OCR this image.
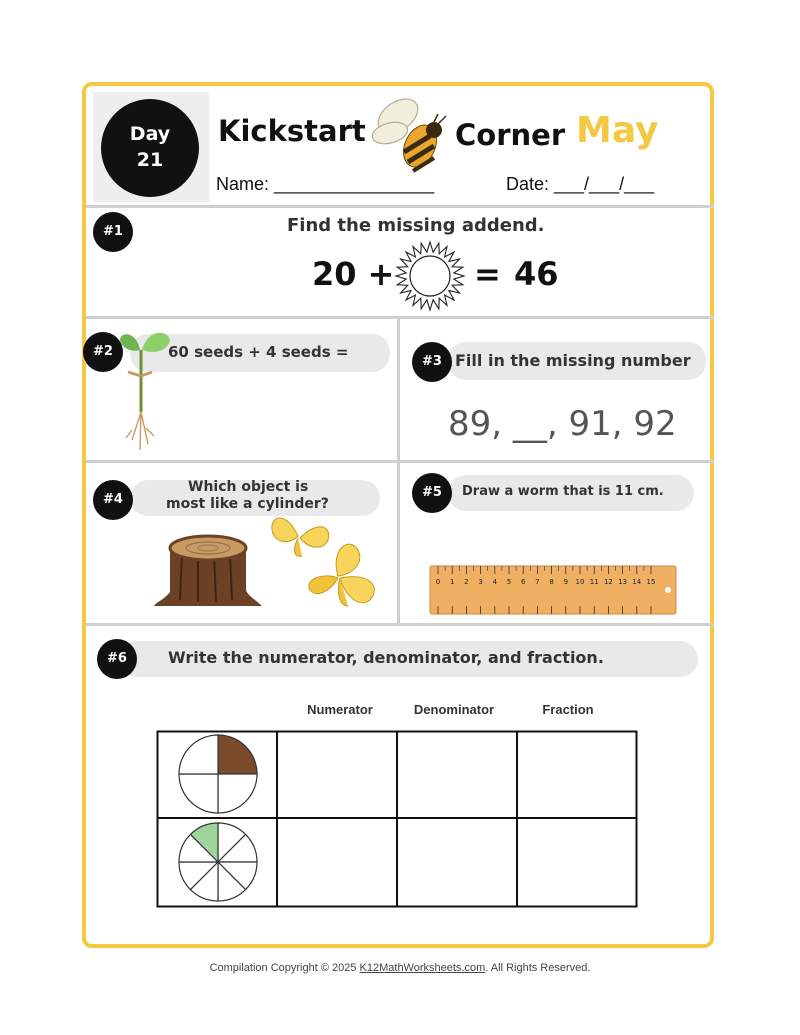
Day
21
Kickstart	Corner May
Name: ________________	Date: ___/___/___
#1	Find the missing addend.
20 + = 46
#2	60 seeds + 4 seeds =
#3 Fill in the missing number
89, __, 91, 92
#4
Which object is
most like a cylinder?
#5	Draw a worm that is 11 cm.
0 1 2 3 4 5 6 7 8 9 10 11 12 13 14 15
#6	Write the numerator, denominator, and fraction.
Numerator	Denominator	Fraction
Compilation Copyright © 2025 K12MathWorksheets.com. All Rights Reserved.
